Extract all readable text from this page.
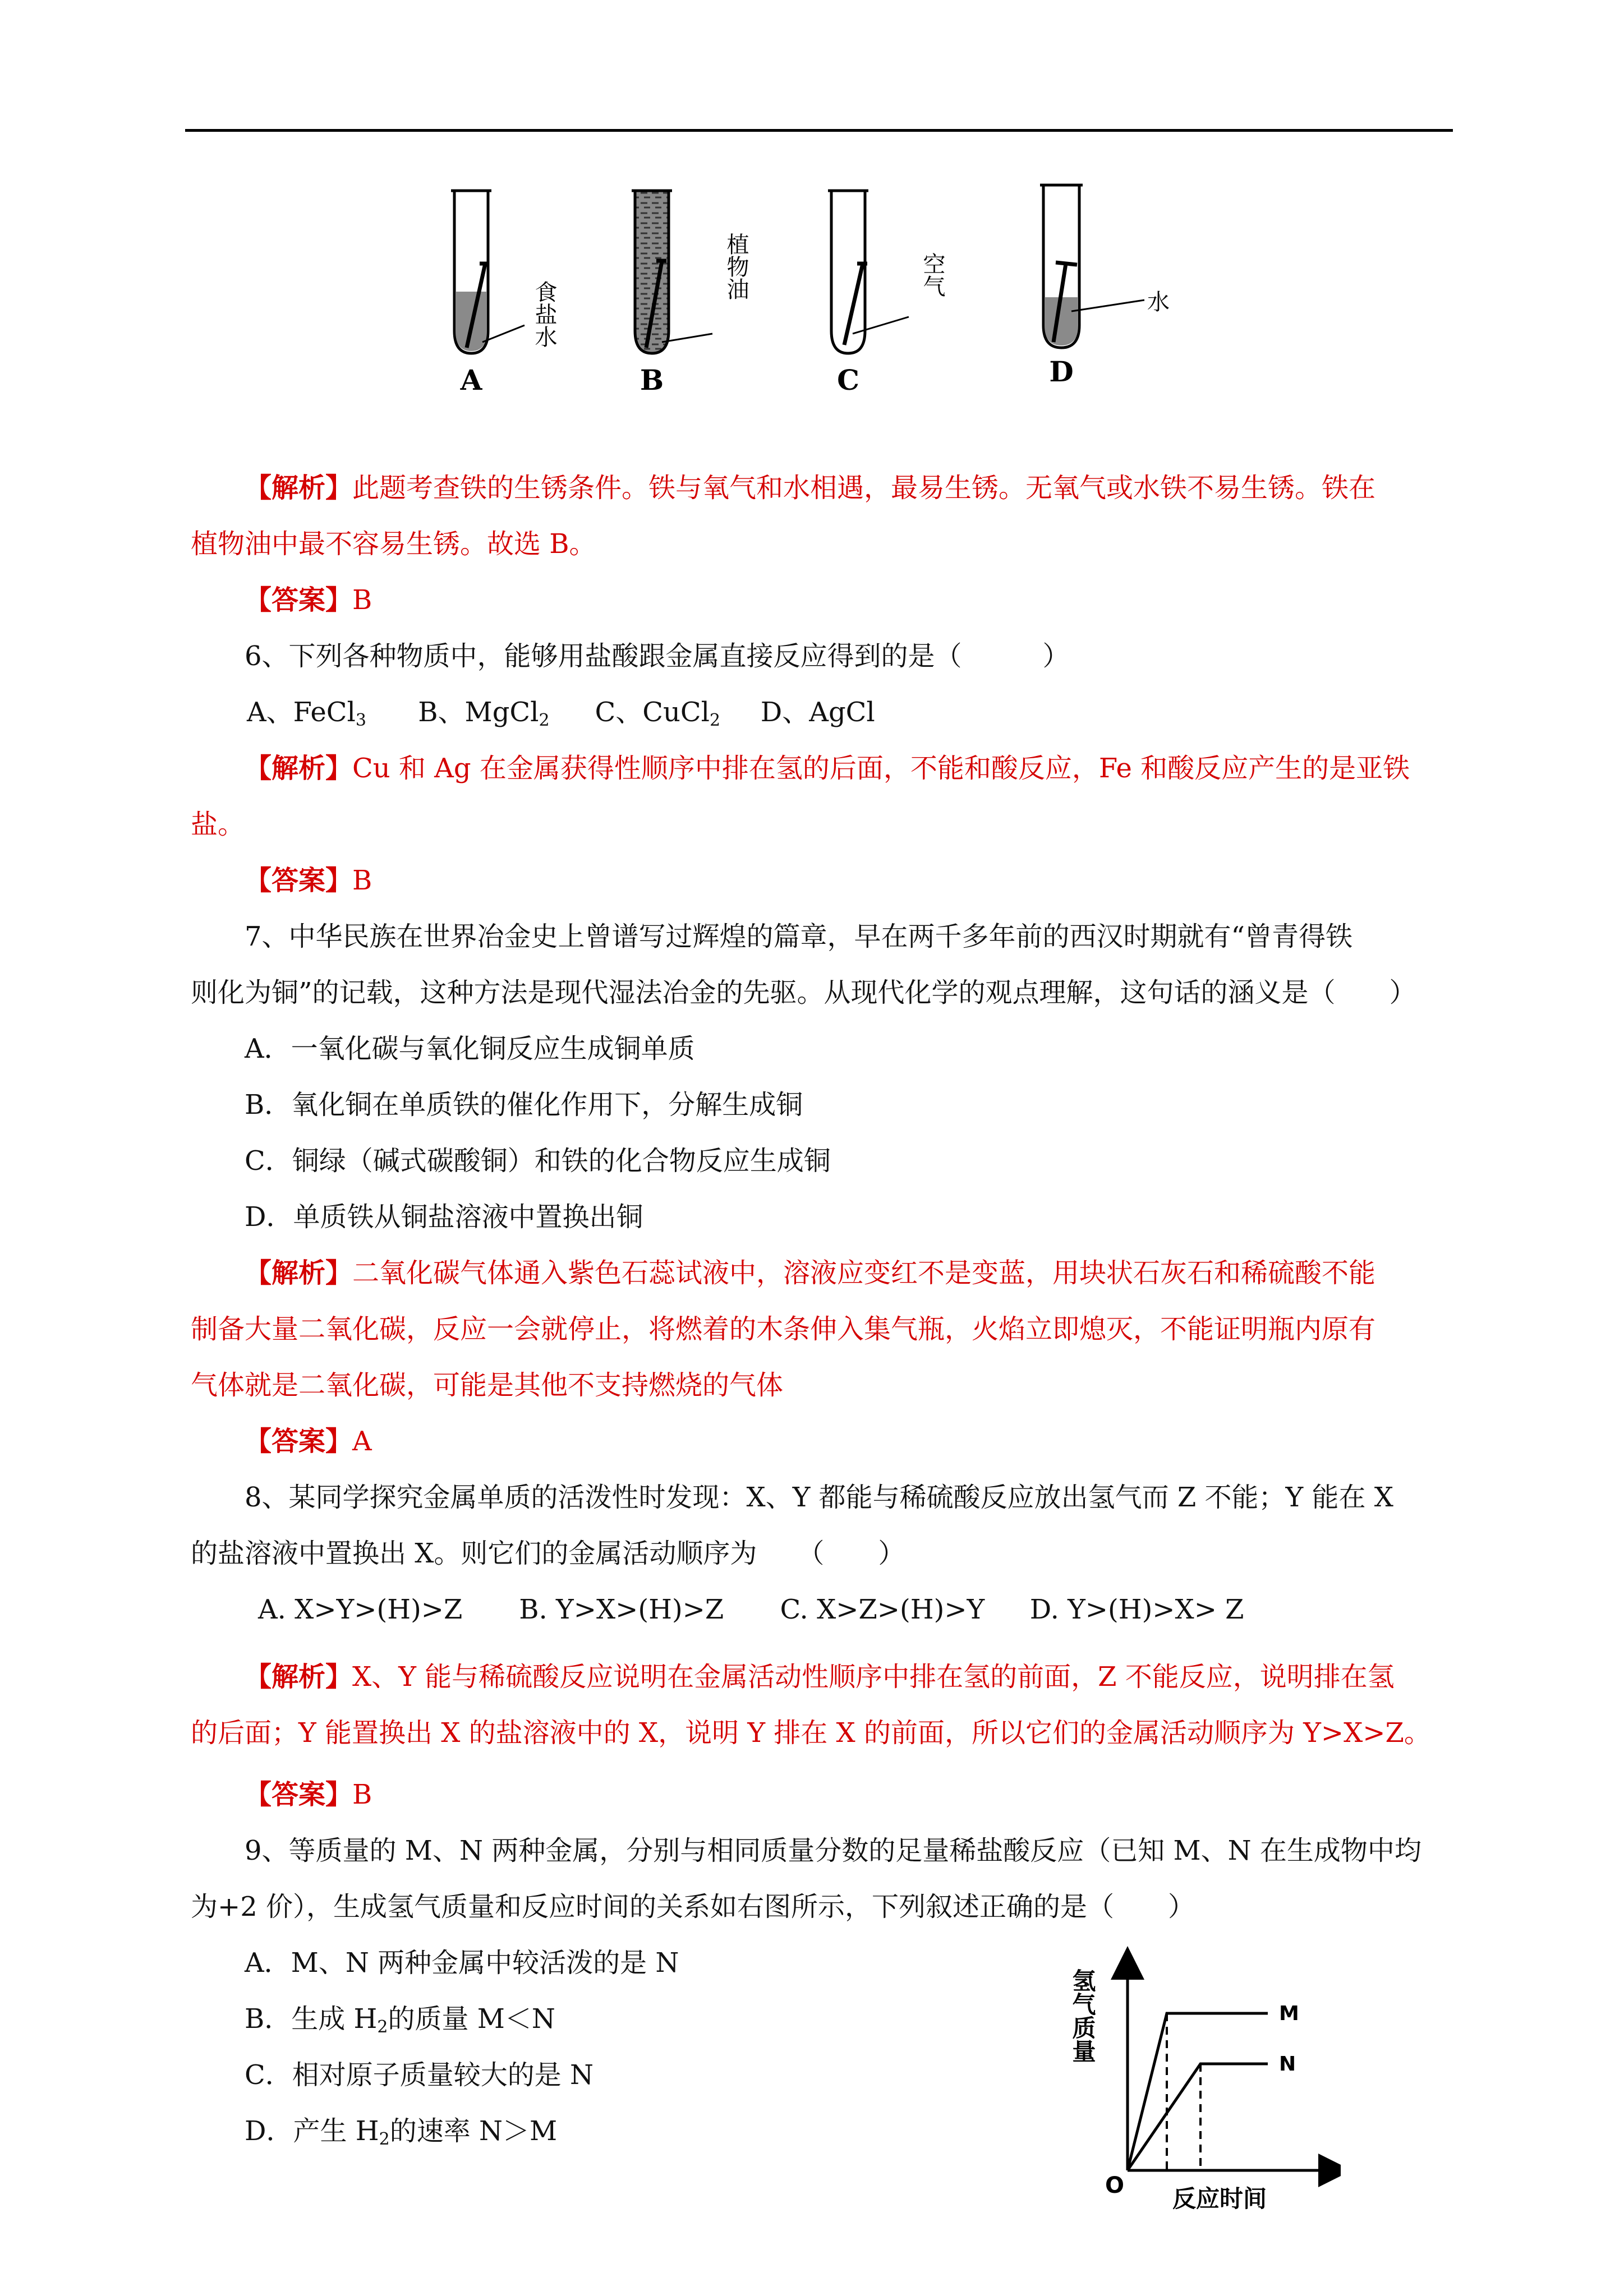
A	B	C	D
食盐水
植物油	空气
水
【解析】此题考查铁的生锈条件。铁与氧气和水相遇，最易生锈。无氧气或水铁不易生锈。铁在
植物油中最不容易生锈。故选 B。
【答案】B
6、下列各种物质中，能够用盐酸跟金属直接反应得到的是（　　　）
A、FeCl$_3$ B、MgCl$_2$ C、CuCl$_2$ D、AgCl
【解析】Cu 和 Ag 在金属获得性顺序中排在氢的后面，不能和酸反应，Fe 和酸反应产生的是亚铁
盐。
【答案】B
7、中华民族在世界冶金史上曾谱写过辉煌的篇章，早在两千多年前的西汉时期就有“曾青得铁
则化为铜”的记载，这种方法是现代湿法冶金的先驱。从现代化学的观点理解，这句话的涵义是（　　）
A．一氧化碳与氧化铜反应生成铜单质
B．氧化铜在单质铁的催化作用下，分解生成铜
C．铜绿（碱式碳酸铜）和铁的化合物反应生成铜
D．单质铁从铜盐溶液中置换出铜
【解析】二氧化碳气体通入紫色石蕊试液中，溶液应变红不是变蓝，用块状石灰石和稀硫酸不能
制备大量二氧化碳，反应一会就停止，将燃着的木条伸入集气瓶，火焰立即熄灭，不能证明瓶内原有
气体就是二氧化碳，可能是其他不支持燃烧的气体
【答案】A
8、某同学探究金属单质的活泼性时发现：X、Y 都能与稀硫酸反应放出氢气而 Z 不能；Y 能在 X
的盐溶液中置换出 X。则它们的金属活动顺序为　　（　　）
A. X>Y>(H)>Z B. Y>X>(H)>Z C. X>Z>(H)>Y D. Y>(H)>X> Z
【解析】X、Y 能与稀硫酸反应说明在金属活动性顺序中排在氢的前面，Z 不能反应，说明排在氢
的后面；Y 能置换出 X 的盐溶液中的 X，说明 Y 排在 X 的前面，所以它们的金属活动顺序为 Y>X>Z。
【答案】B
9、等质量的 M、N 两种金属，分别与相同质量分数的足量稀盐酸反应（已知 M、N 在生成物中均
为+2 价），生成氢气质量和反应时间的关系如右图所示，下列叙述正确的是（　　）
A．M、N 两种金属中较活泼的是 N
B．生成 $H_2$的质量 M＜N
C．相对原子质量较大的是 N
D．产生 $H_2$的速率 N＞M
M
N
氢气质量
反应时间
O
